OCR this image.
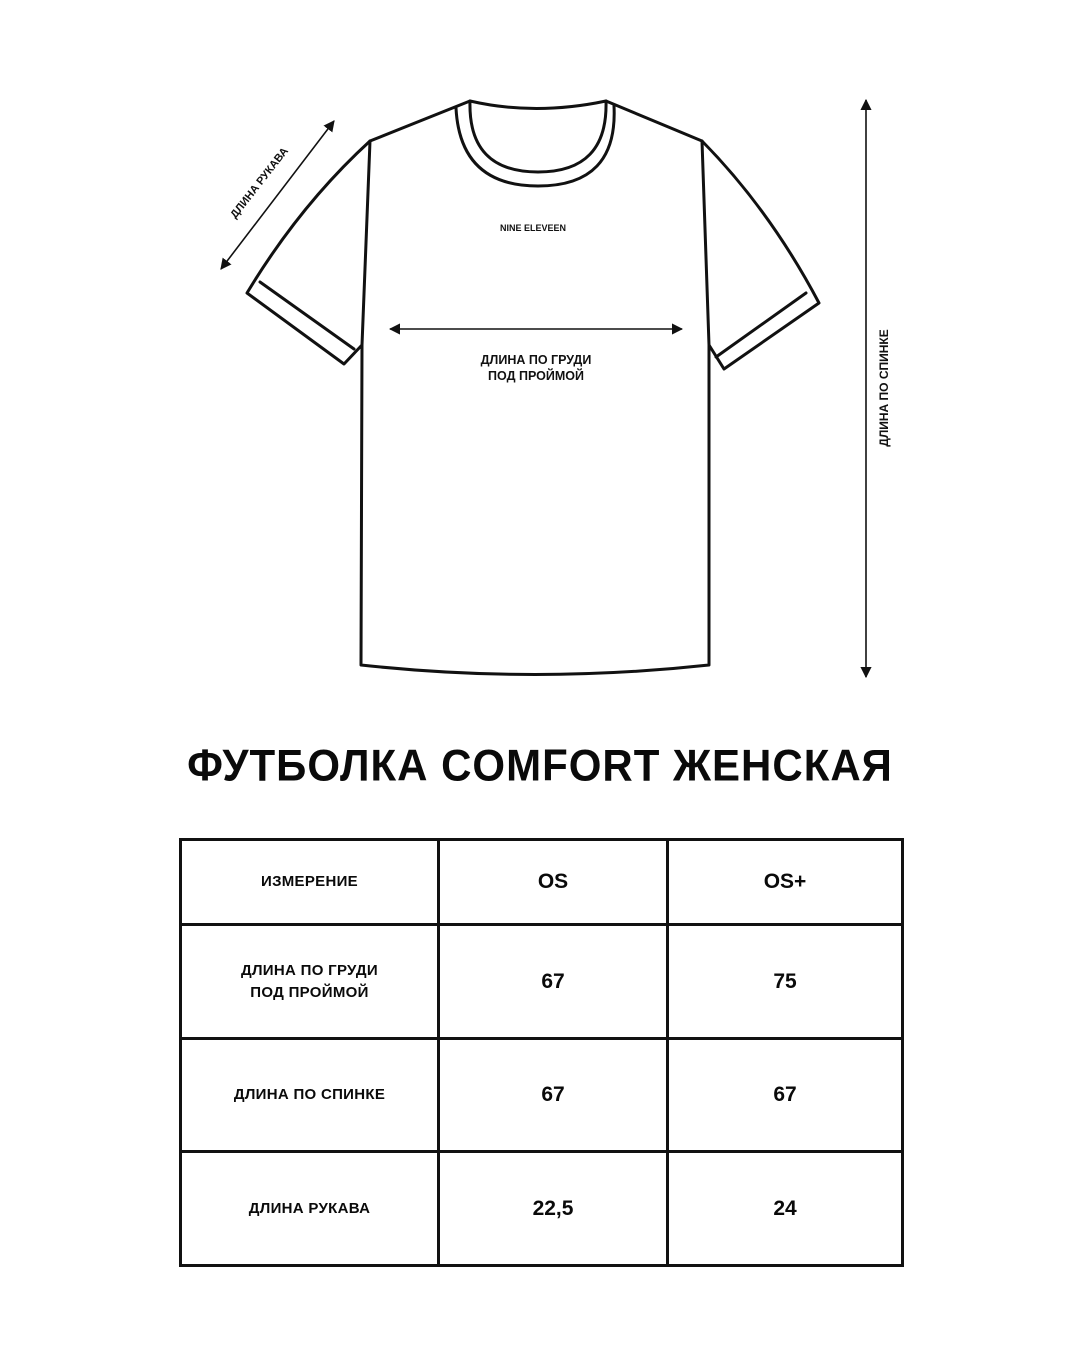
NINE ELEVEEN
ДЛИНА РУКАВА
ДЛИНА ПО ГРУДИ
ПОД ПРОЙМОЙ	ДЛИНА ПО СПИНКЕ
ФУТБОЛКА COMFORT ЖЕНСКАЯ
ИЗМЕРЕНИЕ	OS	OS+
ДЛИНА ПО ГРУДИ
ПОД ПРОЙМОЙ	67	75
ДЛИНА ПО СПИНКЕ	67	67
ДЛИНА РУКАВА	22,5	24
